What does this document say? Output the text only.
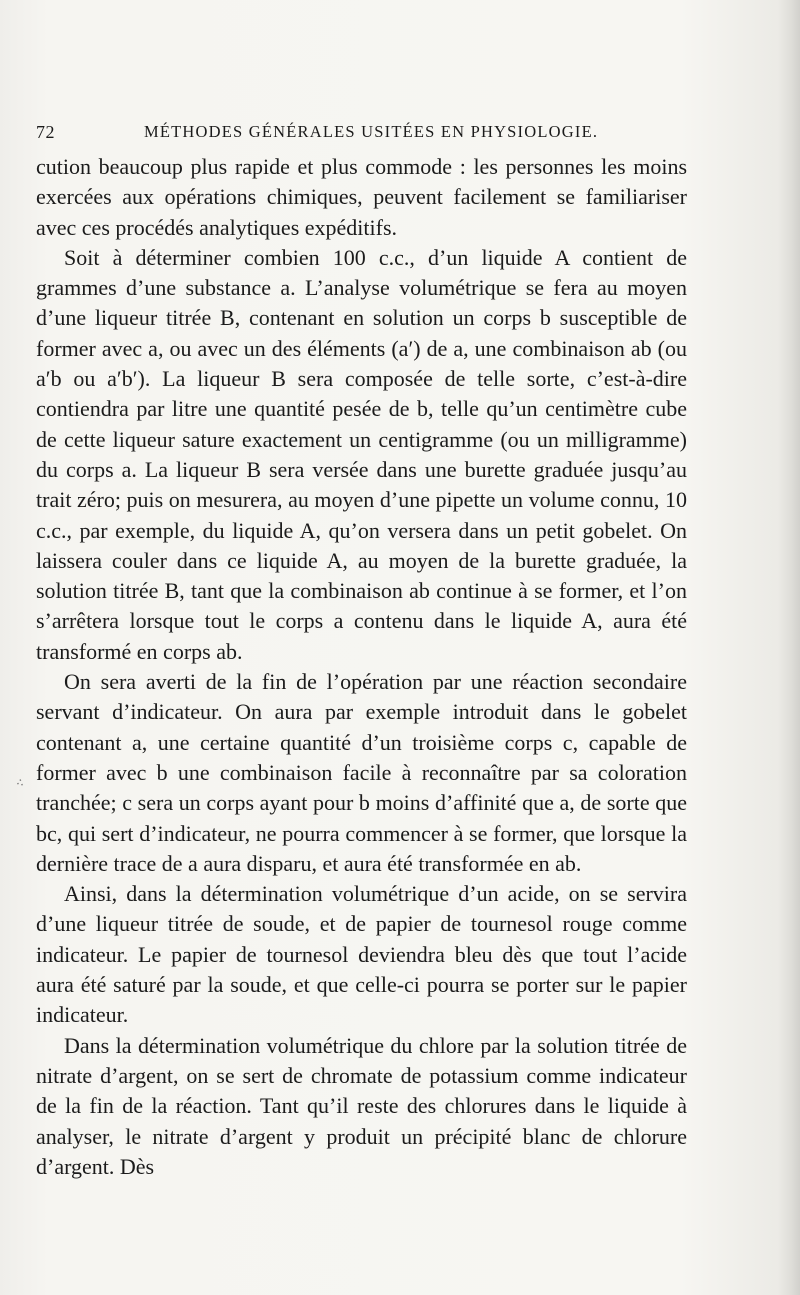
72	MÉTHODES GÉNÉRALES USITÉES EN PHYSIOLOGIE.

cution beaucoup plus rapide et plus commode : les personnes les moins exercées aux opérations chimiques, peuvent facilement se familiariser avec ces procédés analytiques expéditifs.

Soit à déterminer combien 100 c.c., d’un liquide A contient de grammes d’une substance a. L’analyse volumétrique se fera au moyen d’une liqueur titrée B, contenant en solution un corps b susceptible de former avec a, ou avec un des éléments (a′) de a, une combinaison ab (ou a′b ou a′b′). La liqueur B sera composée de telle sorte, c’est-à-dire contiendra par litre une quantité pesée de b, telle qu’un centimètre cube de cette liqueur sature exactement un centigramme (ou un milligramme) du corps a. La liqueur B sera versée dans une burette graduée jusqu’au trait zéro; puis on mesurera, au moyen d’une pipette un volume connu, 10 c.c., par exemple, du liquide A, qu’on versera dans un petit gobelet. On laissera couler dans ce liquide A, au moyen de la burette graduée, la solution titrée B, tant que la combinaison ab continue à se former, et l’on s’arrêtera lorsque tout le corps a contenu dans le liquide A, aura été transformé en corps ab.

On sera averti de la fin de l’opération par une réaction secondaire servant d’indicateur. On aura par exemple introduit dans le gobelet contenant a, une certaine quantité d’un troisième corps c, capable de former avec b une combinaison facile à reconnaître par sa coloration tranchée; c sera un corps ayant pour b moins d’affinité que a, de sorte que bc, qui sert d’indicateur, ne pourra commencer à se former, que lorsque la dernière trace de a aura disparu, et aura été transformée en ab.

Ainsi, dans la détermination volumétrique d’un acide, on se servira d’une liqueur titrée de soude, et de papier de tournesol rouge comme indicateur. Le papier de tournesol deviendra bleu dès que tout l’acide aura été saturé par la soude, et que celle-ci pourra se porter sur le papier indicateur.

Dans la détermination volumétrique du chlore par la solution titrée de nitrate d’argent, on se sert de chromate de potassium comme indicateur de la fin de la réaction. Tant qu’il reste des chlorures dans le liquide à analyser, le nitrate d’argent y produit un précipité blanc de chlorure d’argent. Dès

⁖
